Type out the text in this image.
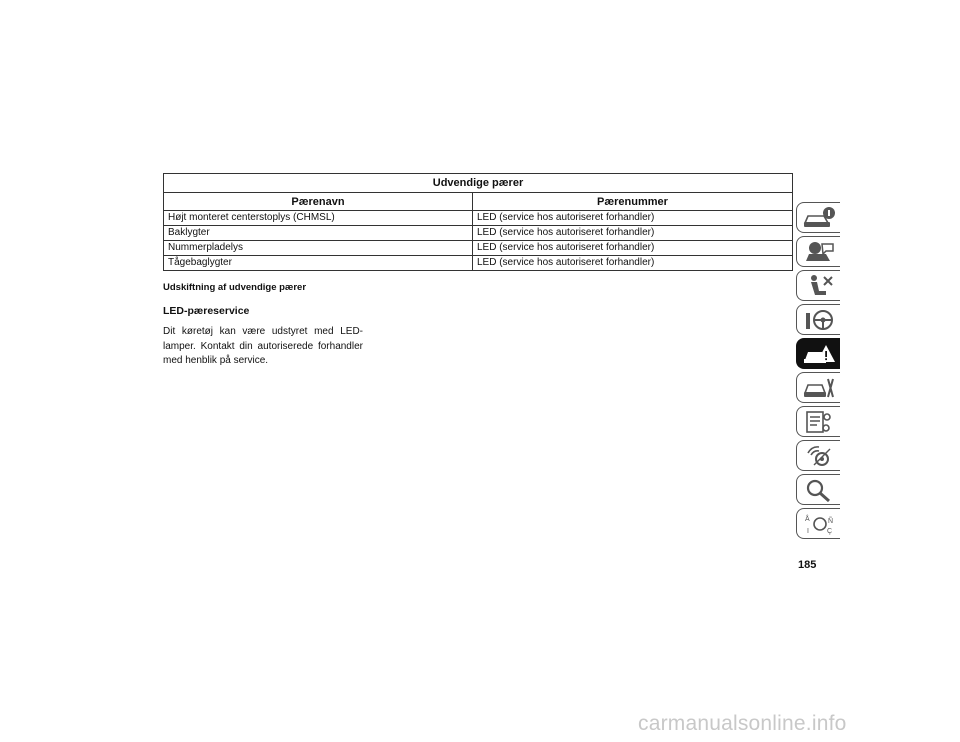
Udvendige pærer	
Pærenavn	Pærenummer
Højt monteret centerstoplys (CHMSL)	LED (service hos autoriseret forhandler)
Baklygter	LED (service hos autoriseret forhandler)
Nummerpladelys	LED (service hos autoriseret forhandler)
Tågebaglygter	LED (service hos autoriseret forhandler)
Udskiftning af udvendige pærer
LED-pæreservice

Dit køretøj kan være udstyret med LED-lamper. Kontakt din autoriserede forhandler med henblik på service.

Å
I
Ñ
Ç
185
carmanualsonline.info
